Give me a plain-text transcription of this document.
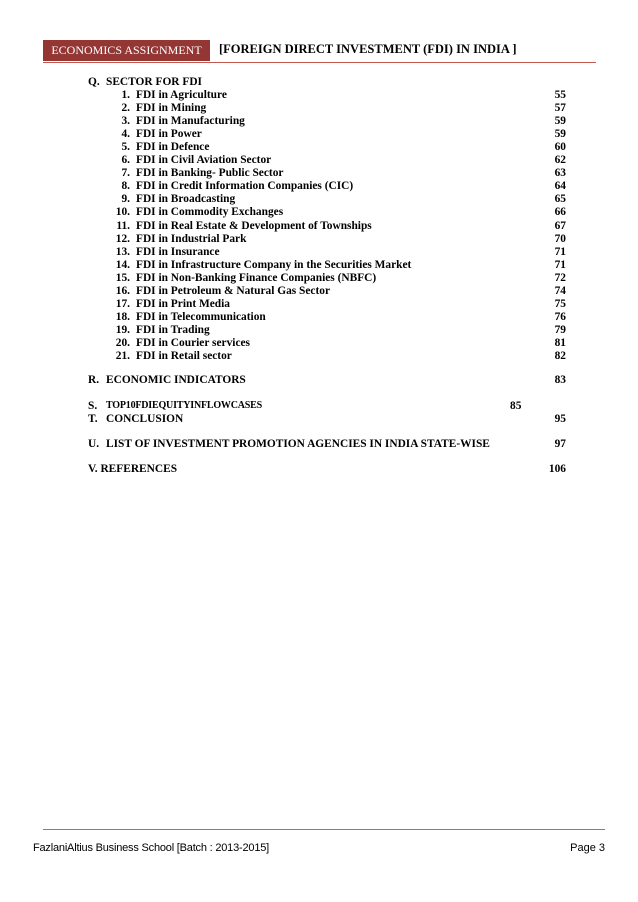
ECONOMICS ASSIGNMENT	[FOREIGN DIRECT INVESTMENT (FDI) IN INDIA ]
Q. SECTOR FOR FDI
1. FDI in Agriculture	55
2. FDI in Mining	57
3. FDI in Manufacturing	59
4. FDI in Power	59
5. FDI in Defence	60
6. FDI in Civil Aviation Sector	62
7. FDI in Banking- Public Sector	63
8. FDI in Credit Information Companies (CIC)	64
9. FDI in Broadcasting	65
10. FDI in Commodity Exchanges	66
11. FDI in Real Estate & Development of Townships	67
12. FDI in Industrial Park	70
13. FDI in Insurance	71
14. FDI in Infrastructure Company in the Securities Market	71
15. FDI in Non-Banking Finance Companies (NBFC)	72
16. FDI in Petroleum & Natural Gas Sector	74
17. FDI in Print Media	75
18. FDI in Telecommunication	76
19. FDI in Trading	79
20. FDI in Courier services	81
21. FDI in Retail sector	82
R. ECONOMIC INDICATORS	83
S. TOP10FDIEQUITYINFLOWCASES	85
T. CONCLUSION	95
U. LIST OF INVESTMENT PROMOTION AGENCIES IN INDIA STATE-WISE	97
V. REFERENCES	106
FazlaniAltius Business School [Batch : 2013-2015]	Page 3
